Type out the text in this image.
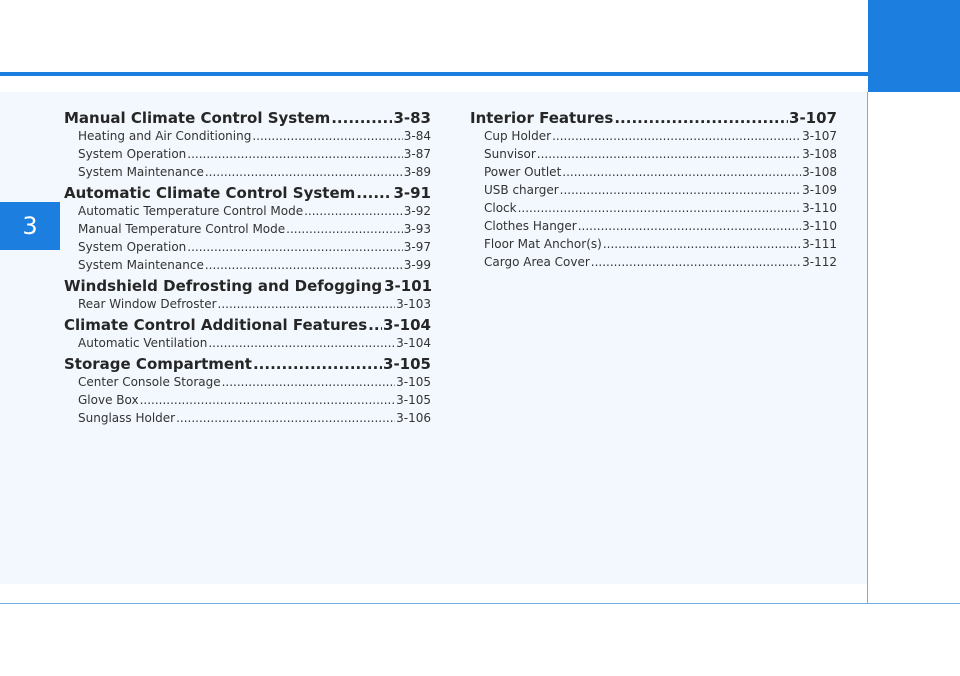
3
Manual Climate Control System .....	3-83
Heating and Air Conditioning .....	3-84
System Operation .....	3-87
System Maintenance .....	3-89
Automatic Climate Control System .....	3-91
Automatic Temperature Control Mode .....	3-92
Manual Temperature Control Mode .....	3-93
System Operation .....	3-97
System Maintenance .....	3-99
Windshield Defrosting and Defogging 3-101
Rear Window Defroster .....	3-103
Climate Control Additional Features ..... 3-104
Automatic Ventilation .....	3-104
Storage Compartment .....	3-105
Center Console Storage .....	3-105
Glove Box .....	3-105
Sunglass Holder .....	3-106
Interior Features .....	3-107
Cup Holder .....	3-107
Sunvisor .....	3-108
Power Outlet .....	3-108
USB charger .....	3-109
Clock .....	3-110
Clothes Hanger .....	3-110
Floor Mat Anchor(s) .....	3-111
Cargo Area Cover .....	3-112
